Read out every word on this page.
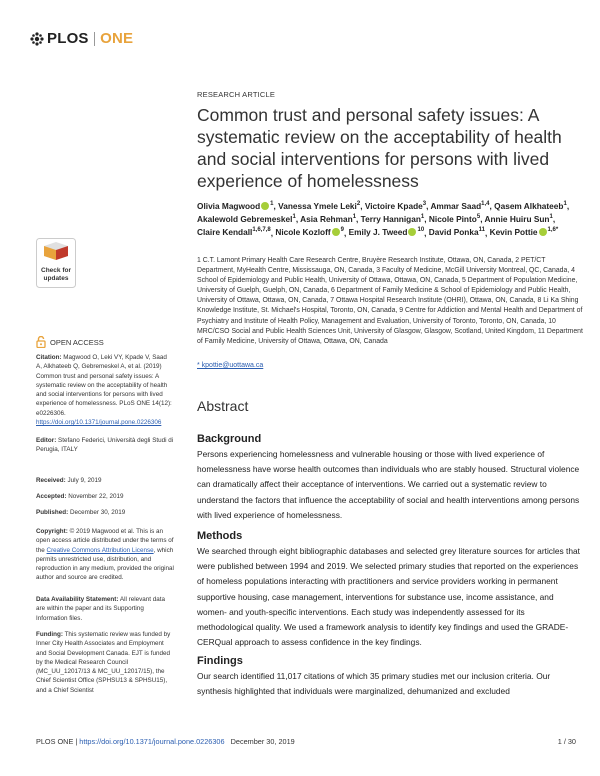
PLOS ONE
RESEARCH ARTICLE
Common trust and personal safety issues: A systematic review on the acceptability of health and social interventions for persons with lived experience of homelessness
Olivia Magwood $^1$, Vanessa Ymele Leki$^2$, Victoire Kpade$^3$, Ammar Saad$^{1,4}$, Qasem Alkhateeb$^1$, Akalewold Gebremeskel$^1$, Asia Rehman$^1$, Terry Hannigan$^1$, Nicole Pinto$^5$, Annie Huiru Sun$^1$, Claire Kendall$^{1,6,7,8}$, Nicole Kozloff $^9$, Emily J. Tweed $^{10}$, David Ponka$^{11}$, Kevin Pottie $^{1,6*}$
1 C.T. Lamont Primary Health Care Research Centre, Bruyère Research Institute, Ottawa, ON, Canada, 2 PET/CT Department, MyHealth Centre, Mississauga, ON, Canada, 3 Faculty of Medicine, McGill University Montreal, QC, Canada, 4 School of Epidemiology and Public Health, University of Ottawa, Ottawa, ON, Canada, 5 Department of Population Medicine, University of Guelph, Guelph, ON, Canada, 6 Department of Family Medicine & School of Epidemiology and Public Health, University of Ottawa, Ottawa, ON, Canada, 7 Ottawa Hospital Research Institute (OHRI), Ottawa, ON, Canada, 8 Li Ka Shing Knowledge Institute, St. Michael's Hospital, Toronto, ON, Canada, 9 Centre for Addiction and Mental Health and Department of Psychiatry and Institute of Health Policy, Management and Evaluation, University of Toronto, Toronto, ON, Canada, 10 MRC/CSO Social and Public Health Sciences Unit, University of Glasgow, Glasgow, Scotland, United Kingdom, 11 Department of Family Medicine, University of Ottawa, Ottawa, ON, Canada
* kpottie@uottawa.ca
Abstract
Background
Persons experiencing homelessness and vulnerable housing or those with lived experience of homelessness have worse health outcomes than individuals who are stably housed. Structural violence can dramatically affect their acceptance of interventions. We carried out a systematic review to understand the factors that influence the acceptability of social and health interventions among persons with lived experience of homelessness.
Methods
We searched through eight bibliographic databases and selected grey literature sources for articles that were published between 1994 and 2019. We selected primary studies that reported on the experiences of homeless populations interacting with practitioners and service providers working in permanent supportive housing, case management, interventions for substance use, income assistance, and women- and youth-specific interventions. Each study was independently assessed for its methodological quality. We used a framework analysis to identify key findings and used the GRADE-CERQual approach to assess confidence in the key findings.
Findings
Our search identified 11,017 citations of which 35 primary studies met our inclusion criteria. Our synthesis highlighted that individuals were marginalized, dehumanized and excluded
Check for
updates
OPEN ACCESS
Citation: Magwood O, Leki VY, Kpade V, Saad A, Alkhateeb Q, Gebremeskel A, et al. (2019) Common trust and personal safety issues: A systematic review on the acceptability of health and social interventions for persons with lived experience of homelessness. PLoS ONE 14(12): e0226306. https://doi.org/10.1371/journal.pone.0226306
Editor: Stefano Federici, Università degli Studi di Perugia, ITALY
Received: July 9, 2019
Accepted: November 22, 2019
Published: December 30, 2019
Copyright: © 2019 Magwood et al. This is an open access article distributed under the terms of the Creative Commons Attribution License, which permits unrestricted use, distribution, and reproduction in any medium, provided the original author and source are credited.
Data Availability Statement: All relevant data are within the paper and its Supporting Information files.
Funding: This systematic review was funded by Inner City Health Associates and Employment and Social Development Canada. EJT is funded by the Medical Research Council (MC_UU_12017/13 & MC_UU_12017/15), the Chief Scientist Office (SPHSU13 & SPHSU15), and a Chief Scientist
PLOS ONE | https://doi.org/10.1371/journal.pone.0226306 December 30, 2019	1 / 30
